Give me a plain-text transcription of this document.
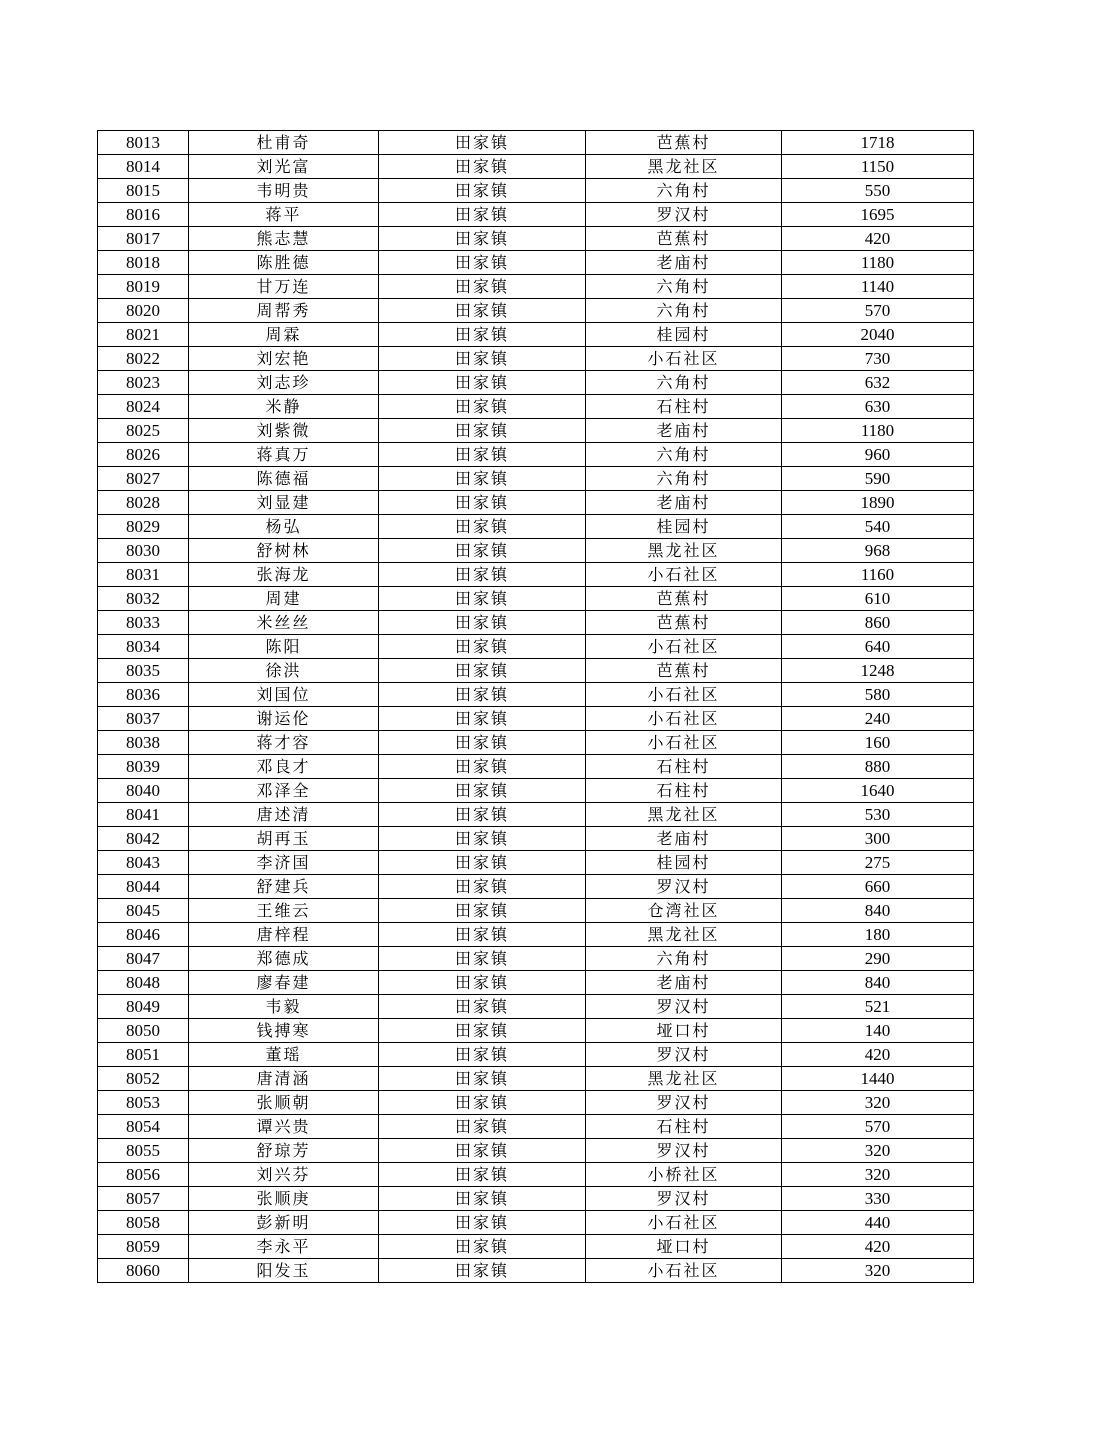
8013	杜甫奇	田家镇	芭蕉村	1718
8014	刘光富	田家镇	黑龙社区	1150
8015	韦明贵	田家镇	六角村	550
8016	蒋平	田家镇	罗汉村	1695
8017	熊志慧	田家镇	芭蕉村	420
8018	陈胜德	田家镇	老庙村	1180
8019	甘万连	田家镇	六角村	1140
8020	周帮秀	田家镇	六角村	570
8021	周霖	田家镇	桂园村	2040
8022	刘宏艳	田家镇	小石社区	730
8023	刘志珍	田家镇	六角村	632
8024	米静	田家镇	石柱村	630
8025	刘紫微	田家镇	老庙村	1180
8026	蒋真万	田家镇	六角村	960
8027	陈德福	田家镇	六角村	590
8028	刘显建	田家镇	老庙村	1890
8029	杨弘	田家镇	桂园村	540
8030	舒树林	田家镇	黑龙社区	968
8031	张海龙	田家镇	小石社区	1160
8032	周建	田家镇	芭蕉村	610
8033	米丝丝	田家镇	芭蕉村	860
8034	陈阳	田家镇	小石社区	640
8035	徐洪	田家镇	芭蕉村	1248
8036	刘国位	田家镇	小石社区	580
8037	谢运伦	田家镇	小石社区	240
8038	蒋才容	田家镇	小石社区	160
8039	邓良才	田家镇	石柱村	880
8040	邓泽全	田家镇	石柱村	1640
8041	唐述清	田家镇	黑龙社区	530
8042	胡再玉	田家镇	老庙村	300
8043	李济国	田家镇	桂园村	275
8044	舒建兵	田家镇	罗汉村	660
8045	王维云	田家镇	仓湾社区	840
8046	唐梓程	田家镇	黑龙社区	180
8047	郑德成	田家镇	六角村	290
8048	廖春建	田家镇	老庙村	840
8049	韦毅	田家镇	罗汉村	521
8050	钱搏寒	田家镇	垭口村	140
8051	董瑶	田家镇	罗汉村	420
8052	唐清涵	田家镇	黑龙社区	1440
8053	张顺朝	田家镇	罗汉村	320
8054	谭兴贵	田家镇	石柱村	570
8055	舒琼芳	田家镇	罗汉村	320
8056	刘兴芬	田家镇	小桥社区	320
8057	张顺庚	田家镇	罗汉村	330
8058	彭新明	田家镇	小石社区	440
8059	李永平	田家镇	垭口村	420
8060	阳发玉	田家镇	小石社区	320
